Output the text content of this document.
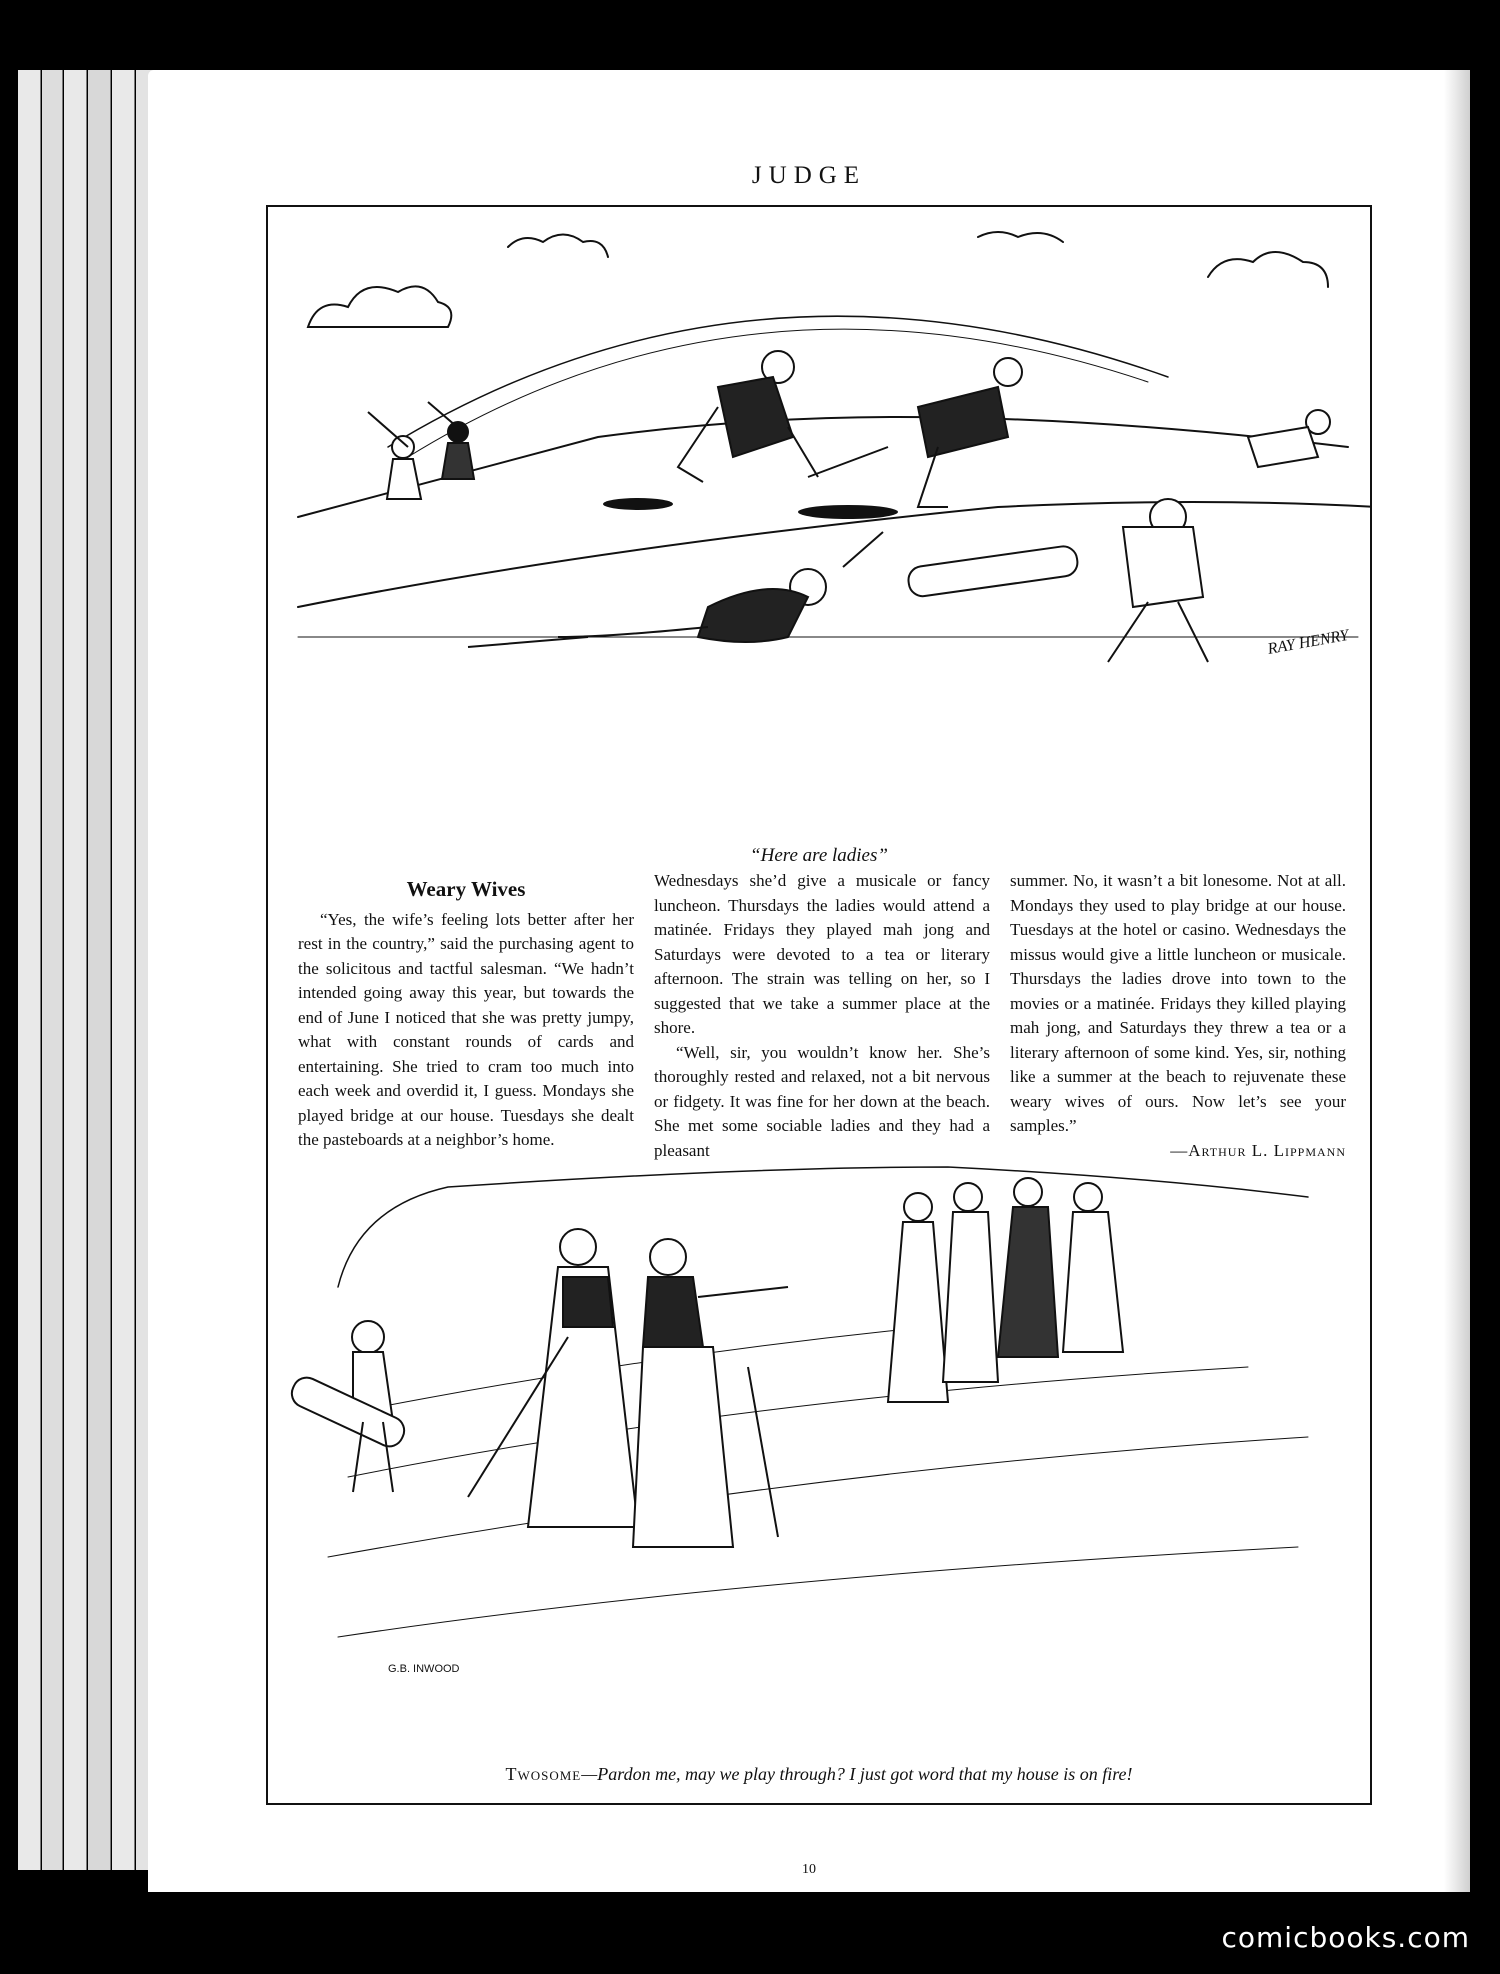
JUDGE
RAY HENRY
“Here are ladies”

Weary Wives

“Yes, the wife’s feeling lots better after her rest in the country,” said the purchasing agent to the solicitous and tactful salesman. “We hadn’t intended going away this year, but towards the end of June I noticed that she was pretty jumpy, what with constant rounds of cards and entertaining. She tried to cram too much into each week and overdid it, I guess. Mondays she played bridge at our house. Tuesdays she dealt the pasteboards at a neighbor’s home.

Wednesdays she’d give a musicale or fancy luncheon. Thursdays the ladies would attend a matinée. Fridays they played mah jong and Saturdays were devoted to a tea or literary afternoon. The strain was telling on her, so I suggested that we take a summer place at the shore.

“Well, sir, you wouldn’t know her. She’s thoroughly rested and relaxed, not a bit nervous or fidgety. It was fine for her down at the beach. She met some sociable ladies and they had a pleasant

summer. No, it wasn’t a bit lonesome. Not at all. Mondays they used to play bridge at our house. Tuesdays at the hotel or casino. Wednesdays the missus would give a little luncheon or musicale. Thursdays the ladies drove into town to the movies or a matinée. Fridays they killed playing mah jong, and Saturdays they threw a tea or a literary afternoon of some kind. Yes, sir, nothing like a summer at the beach to rejuvenate these weary wives of ours. Now let’s see your samples.”

—Arthur L. Lippmann

G.B. INWOOD
Twosome—Pardon me, may we play through? I just got word that my house is on fire!
10
comicbooks.com
